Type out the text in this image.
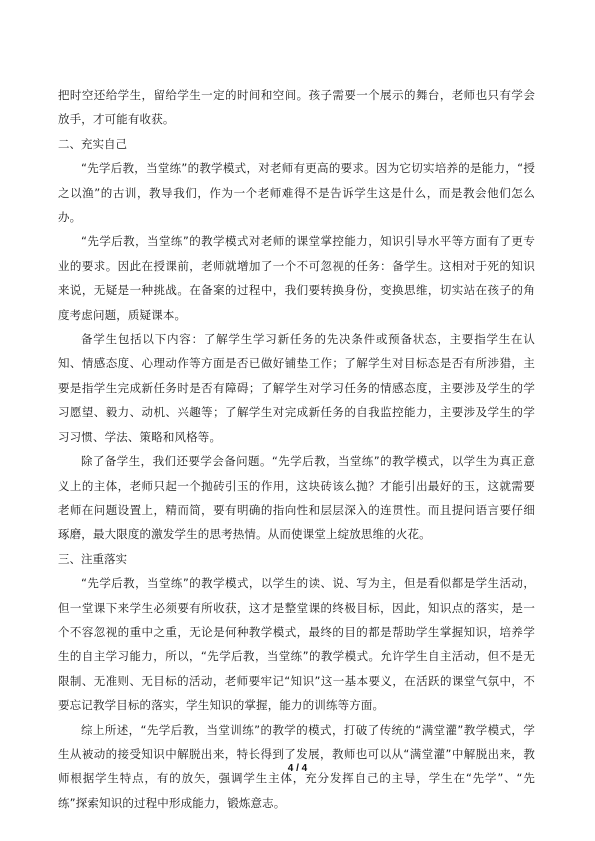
把时空还给学生，留给学生一定的时间和空间。孩子需要一个展示的舞台，老师也只有学会放手，才可能有收获。

二、充实自己

“先学后教，当堂练”的教学模式，对老师有更高的要求。因为它切实培养的是能力，“授之以渔”的古训，教导我们，作为一个老师难得不是告诉学生这是什么，而是教会他们怎么办。

“先学后教，当堂练”的教学模式对老师的课堂掌控能力，知识引导水平等方面有了更专业的要求。因此在授课前，老师就增加了一个不可忽视的任务：备学生。这相对于死的知识来说，无疑是一种挑战。在备案的过程中，我们要转换身份，变换思维，切实站在孩子的角度考虑问题，质疑课本。

备学生包括以下内容：了解学生学习新任务的先决条件或预备状态，主要指学生在认知、情感态度、心理动作等方面是否已做好铺垫工作；了解学生对目标态是否有所涉猎，主要是指学生完成新任务时是否有障碍；了解学生对学习任务的情感态度，主要涉及学生的学习愿望、毅力、动机、兴趣等；了解学生对完成新任务的自我监控能力，主要涉及学生的学习习惯、学法、策略和风格等。

除了备学生，我们还要学会备问题。“先学后教，当堂练”的教学模式，以学生为真正意义上的主体，老师只起一个抛砖引玉的作用，这块砖该么抛？才能引出最好的玉，这就需要老师在问题设置上，精而简，要有明确的指向性和层层深入的连贯性。而且提问语言要仔细琢磨，最大限度的激发学生的思考热情。从而使课堂上绽放思维的火花。

三、注重落实

“先学后教，当堂练”的教学模式，以学生的读、说、写为主，但是看似都是学生活动，但一堂课下来学生必须要有所收获，这才是整堂课的终极目标，因此，知识点的落实，是一个不容忽视的重中之重，无论是何种教学模式，最终的目的都是帮助学生掌握知识，培养学生的自主学习能力，所以，“先学后教，当堂练”的教学模式。允许学生自主活动，但不是无限制、无准则、无目标的活动，老师要牢记“知识”这一基本要义，在活跃的课堂气氛中，不要忘记教学目标的落实，学生知识的掌握，能力的训练等方面。

综上所述，“先学后教，当堂训练”的教学的模式，打破了传统的“满堂灌”教学模式，学生从被动的接受知识中解脱出来，特长得到了发展，教师也可以从“满堂灌”中解脱出来，教师根据学生特点，有的放矢，强调学生主体，充分发挥自己的主导，学生在“先学”、“先练”探索知识的过程中形成能力，锻炼意志。

4 / 4
